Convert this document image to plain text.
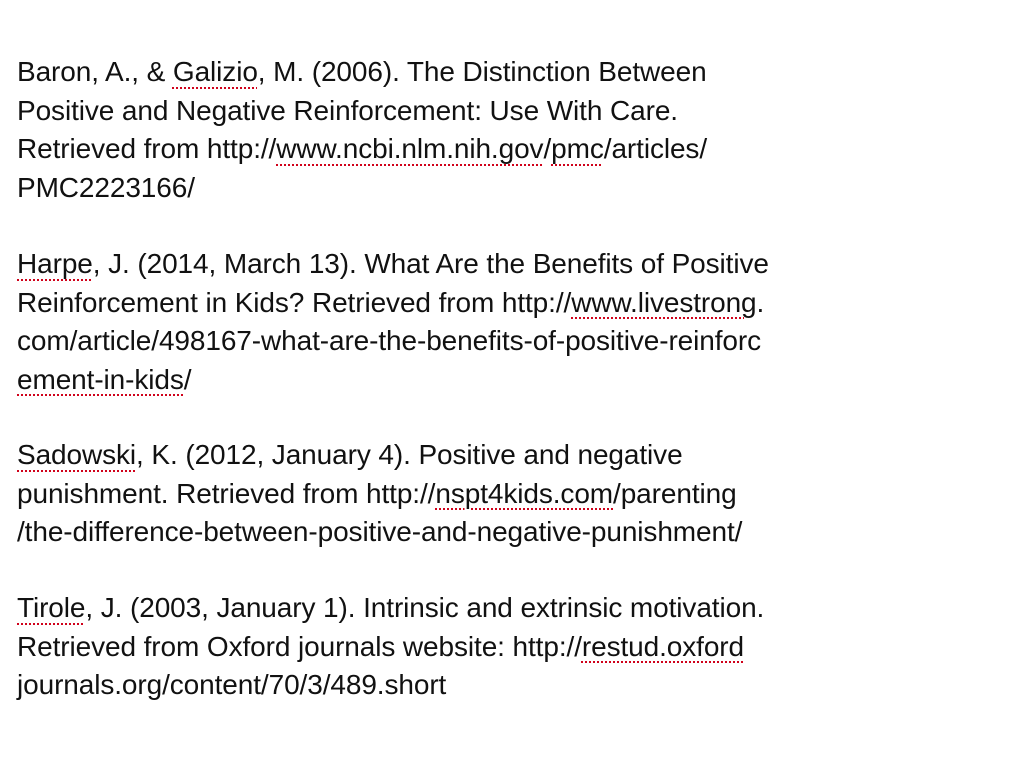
Baron, A., & Galizio, M. (2006). The Distinction Between
Positive and Negative Reinforcement: Use With Care.
Retrieved from http://www.ncbi.nlm.nih.gov/pmc/articles/
PMC2223166/
Harpe, J. (2014, March 13). What Are the Benefits of Positive
Reinforcement in Kids? Retrieved from http://www.livestrong.
com/article/498167-what-are-the-benefits-of-positive-reinforc
ement-in-kids/
Sadowski, K. (2012, January 4). Positive and negative
punishment. Retrieved from http://nspt4kids.com/parenting
/the-difference-between-positive-and-negative-punishment/
Tirole, J. (2003, January 1). Intrinsic and extrinsic motivation.
Retrieved from Oxford journals website: http://restud.oxford
journals.org/content/70/3/489.short
